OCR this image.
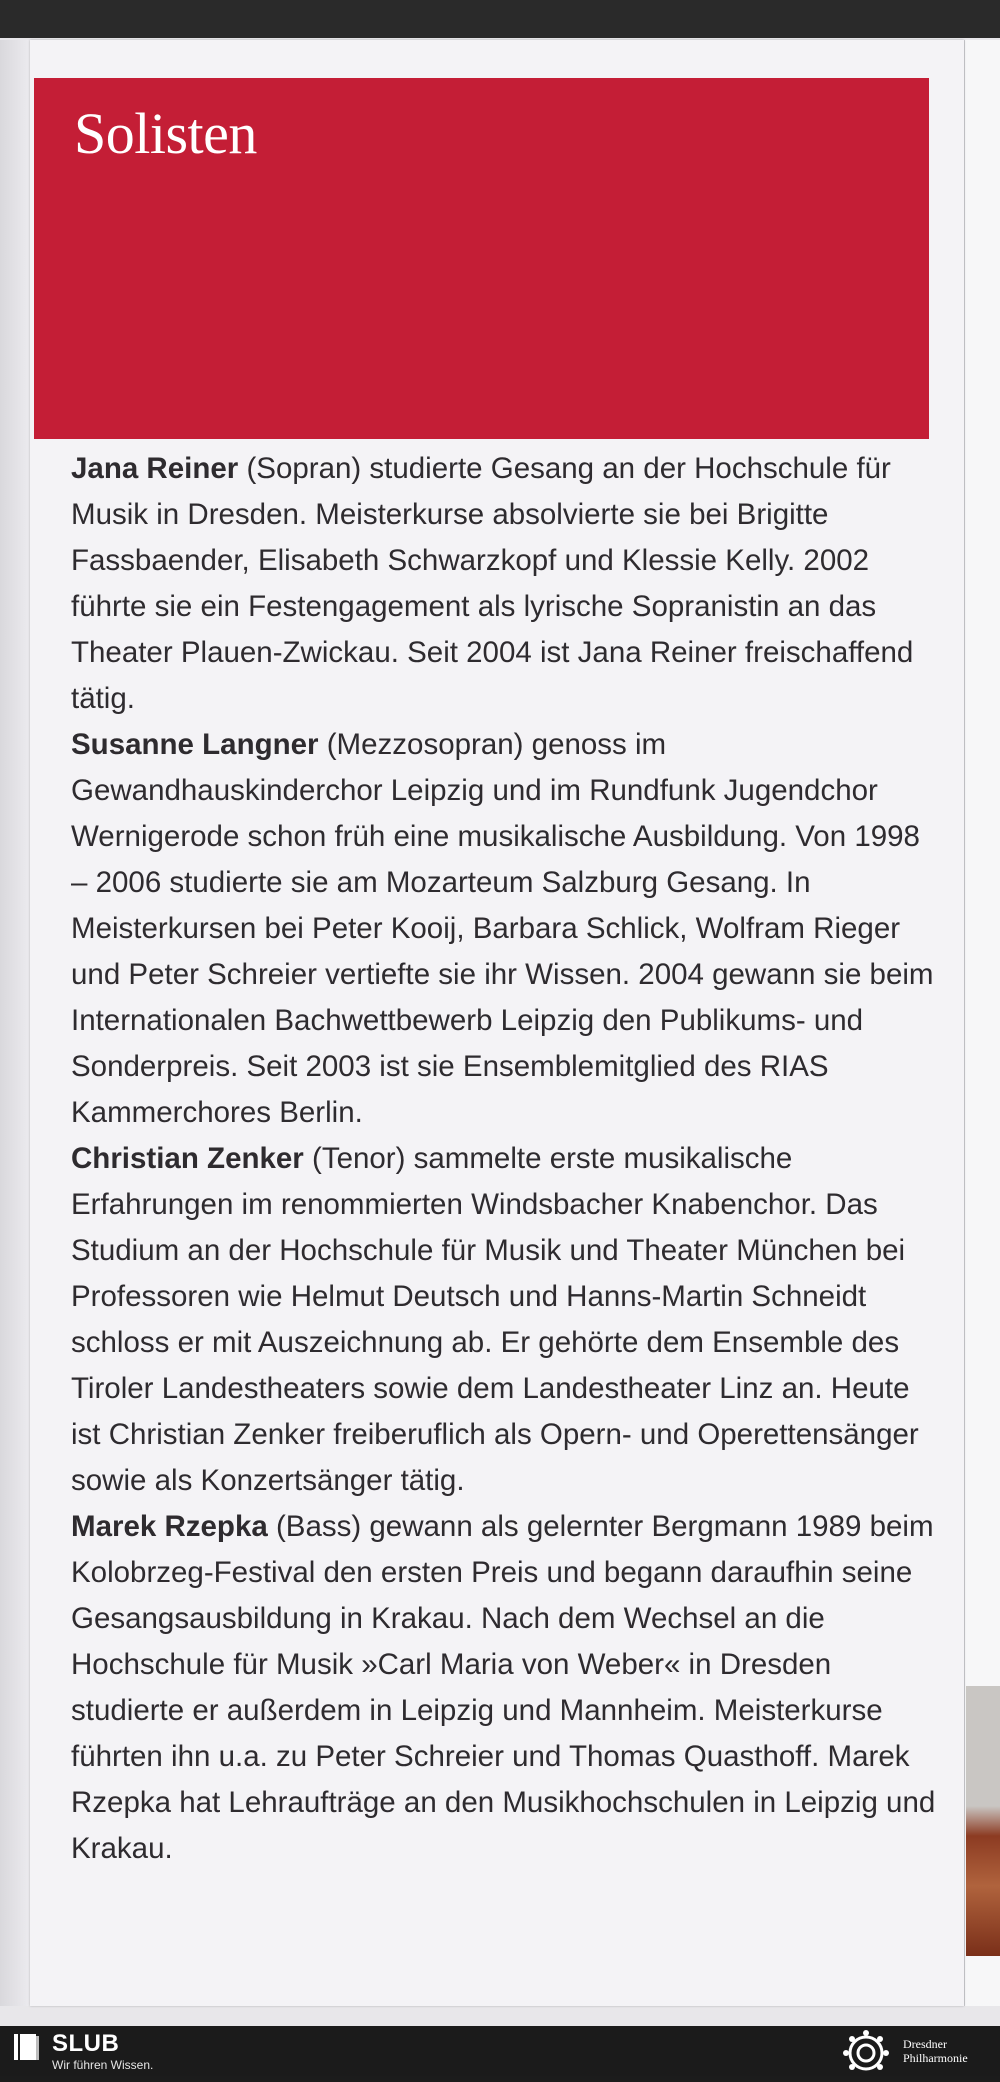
Solisten

Jana Reiner (Sopran) studierte Gesang an der Hochschule für Musik in Dresden. Meisterkurse absolvierte sie bei Brigitte Fassbaender, Elisabeth Schwarzkopf und Klessie Kelly. 2002 führte sie ein Festengagement als lyrische Sopranistin an das Theater Plauen-Zwickau. Seit 2004 ist Jana Reiner freischaffend tätig.

Susanne Langner (Mezzosopran) genoss im Gewandhauskinderchor Leipzig und im Rundfunk Jugendchor Wernigerode schon früh eine musikalische Ausbildung. Von 1998 – 2006 studierte sie am Mozarteum Salzburg Gesang. In Meisterkursen bei Peter Kooij, Barbara Schlick, Wolfram Rieger und Peter Schreier vertiefte sie ihr Wissen. 2004 gewann sie beim Internationalen Bachwettbewerb Leipzig den Publikums- und Sonderpreis. Seit 2003 ist sie Ensemblemitglied des RIAS Kammerchores Berlin.

Christian Zenker (Tenor) sammelte erste musikalische Erfahrungen im renommierten Windsbacher Knabenchor. Das Studium an der Hochschule für Musik und Theater München bei Professoren wie Helmut Deutsch und Hanns-Martin Schneidt schloss er mit Auszeichnung ab. Er gehörte dem Ensemble des Tiroler Landestheaters sowie dem Landestheater Linz an. Heute ist Christian Zenker freiberuflich als Opern- und Operettensänger sowie als Konzertsänger tätig.

Marek Rzepka (Bass) gewann als gelernter Bergmann 1989 beim Kolobrzeg-Festival den ersten Preis und begann daraufhin seine Gesangsausbildung in Krakau. Nach dem Wechsel an die Hochschule für Musik »Carl Maria von Weber« in Dresden studierte er außerdem in Leipzig und Mannheim. Meisterkurse führten ihn u.a. zu Peter Schreier und Thomas Quasthoff. Marek Rzepka hat Lehraufträge an den Musikhochschulen in Leipzig und Krakau.

SLUB
Wir führen Wissen.
Dresdner
Philharmonie
